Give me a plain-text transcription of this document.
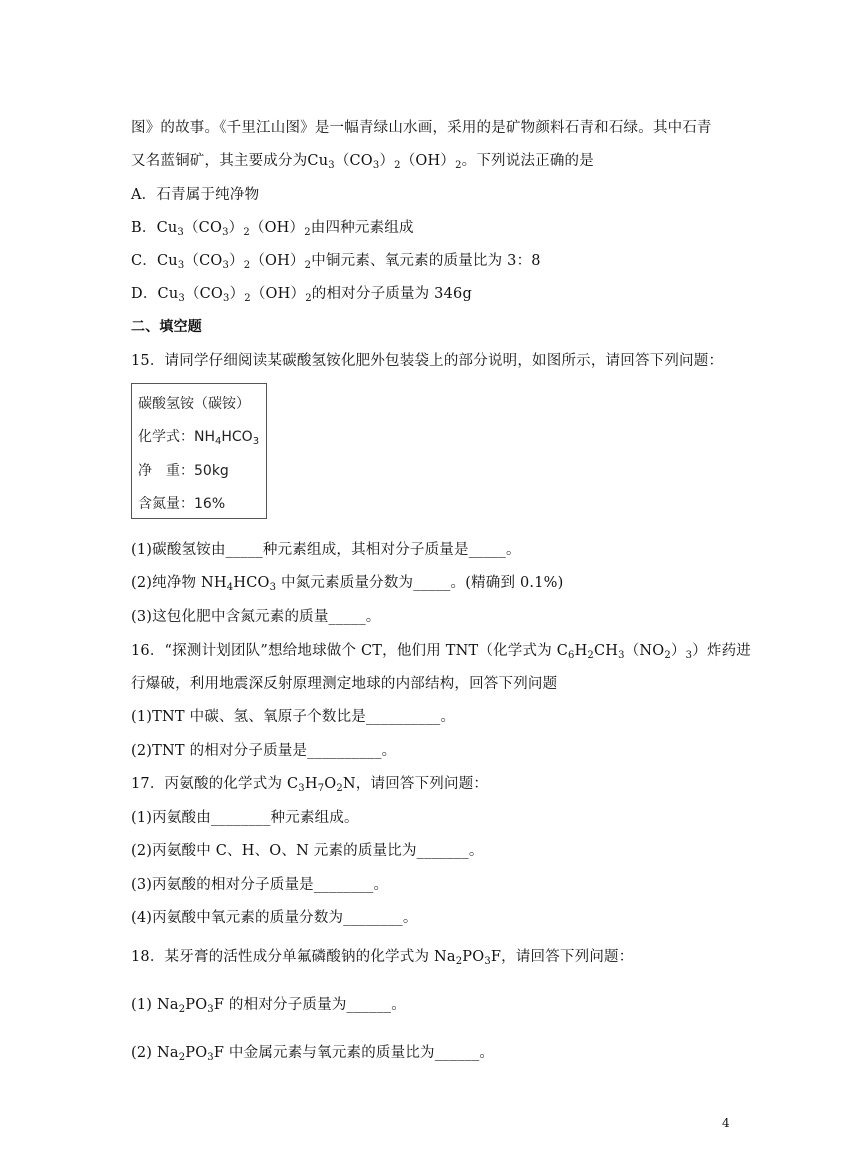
图》的故事。《千里江山图》是一幅青绿山水画，采用的是矿物颜料石青和石绿。其中石青
又名蓝铜矿，其主要成分为$Cu_3(CO_3)_2(OH)_2$。下列说法正确的是
A．石青属于纯净物
B．$Cu_3(CO_3)_2(OH)_2$由四种元素组成
C．$Cu_3(CO_3)_2(OH)_2$中铜元素、氧元素的质量比为 3：8
D．$Cu_3(CO_3)_2(OH)_2$的相对分子质量为 346g
二、填空题
15．请同学仔细阅读某碳酸氢铵化肥外包装袋上的部分说明，如图所示，请回答下列问题：
碳酸氢铵（碳铵）
化学式：$NH_4HCO_3$
净　重：50kg
含氮量：16%
(1)碳酸氢铵由_____种元素组成，其相对分子质量是_____。
(2)纯净物 $NH_4HCO_3$ 中氮元素质量分数为_____。(精确到 0.1%)
(3)这包化肥中含氮元素的质量_____。
16．“探测计划团队”想给地球做个 CT，他们用 TNT（化学式为 $C_6H_2CH_3(NO_2)_3$）炸药进
行爆破，利用地震深反射原理测定地球的内部结构，回答下列问题
(1)TNT 中碳、氢、氧原子个数比是__________。
(2)TNT 的相对分子质量是__________。
17．丙氨酸的化学式为 $C_3H_7O_2N$，请回答下列问题：
(1)丙氨酸由________种元素组成。
(2)丙氨酸中 C、H、O、N 元素的质量比为_______。
(3)丙氨酸的相对分子质量是________。
(4)丙氨酸中氧元素的质量分数为________。
18．某牙膏的活性成分单氟磷酸钠的化学式为 $Na_2PO_3F$，请回答下列问题：
(1) $Na_2PO_3F$ 的相对分子质量为______。
(2) $Na_2PO_3F$ 中金属元素与氧元素的质量比为______。
4
